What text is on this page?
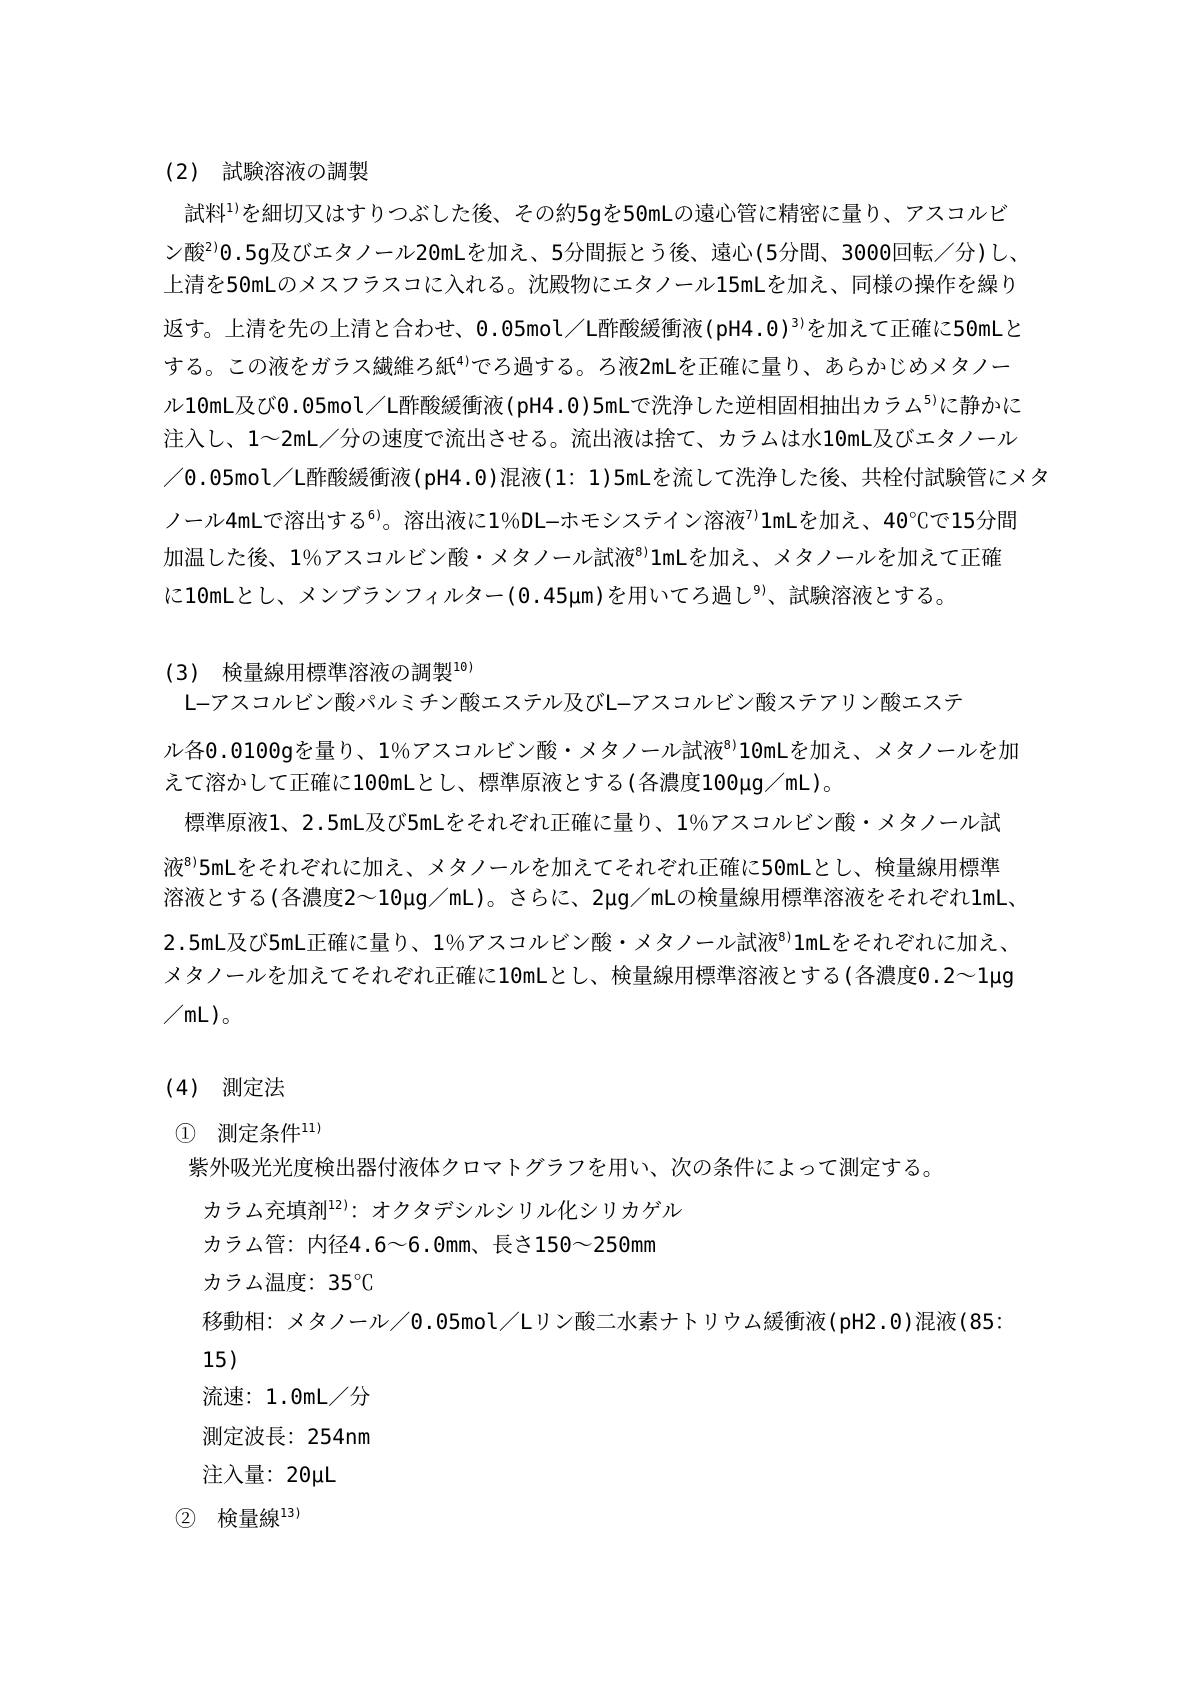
(2)　試験溶液の調製
　試料$^{1)}$を細切又はすりつぶした後、その約5gを50mLの遠心管に精密に量り、アスコルビ
ン酸$^{2)}$0.5g及びエタノール20mLを加え、5分間振とう後、遠心(5分間、3000回転／分)し、
上清を50mLのメスフラスコに入れる。沈殿物にエタノール15mLを加え、同様の操作を繰り
返す。上清を先の上清と合わせ、0.05mol／L酢酸緩衝液$(pH4.0)^{3)}$を加えて正確に50mLと
する。この液をガラス繊維ろ紙$^{4)}$でろ過する。ろ液2mLを正確に量り、あらかじめメタノー
ル10mL及び0.05mol／L酢酸緩衝液(pH4.0)5mLで洗浄した逆相固相抽出カラム$^{5)}$に静かに
注入し、1～2mL／分の速度で流出させる。流出液は捨て、カラムは水10mL及びエタノール
／0.05mol／L酢酸緩衝液(pH4.0)混液(1：1)5mLを流して洗浄した後、共栓付試験管にメタ
ノール4mLで溶出する$^{6)}$。溶出液に1％DL―ホモシステイン溶液$^{7)}$1mLを加え、40℃で15分間
加温した後、1％アスコルビン酸・メタノール試液$^{8)}$1mLを加え、メタノールを加えて正確
に10mLとし、メンブランフィルター(0.45μm)を用いてろ過し$^{9)}$、試験溶液とする。
(3)　検量線用標準溶液の調製$^{10)}$
　L―アスコルビン酸パルミチン酸エステル及びL―アスコルビン酸ステアリン酸エステ
ル各0.0100gを量り、1％アスコルビン酸・メタノール試液$^{8)}$10mLを加え、メタノールを加
えて溶かして正確に100mLとし、標準原液とする(各濃度100μg／mL)。
　標準原液1、2.5mL及び5mLをそれぞれ正確に量り、1％アスコルビン酸・メタノール試
液$^{8)}$5mLをそれぞれに加え、メタノールを加えてそれぞれ正確に50mLとし、検量線用標準
溶液とする(各濃度2～10μg／mL)。さらに、2μg／mLの検量線用標準溶液をそれぞれ1mL、
2.5mL及び5mL正確に量り、1％アスコルビン酸・メタノール試液$^{8)}$1mLをそれぞれに加え、
メタノールを加えてそれぞれ正確に10mLとし、検量線用標準溶液とする(各濃度0.2～1μg
／mL)。
(4)　測定法
①　測定条件$^{11)}$
紫外吸光光度検出器付液体クロマトグラフを用い、次の条件によって測定する。
カラム充填剤$^{12)}$：オクタデシルシリル化シリカゲル
カラム管：内径4.6～6.0mm、長さ150～250mm
カラム温度：35℃
移動相：メタノール／0.05mol／Lリン酸二水素ナトリウム緩衝液(pH2.0)混液(85：
15)
流速：1.0mL／分
測定波長：254nm
注入量：20μL
②　検量線$^{13)}$
